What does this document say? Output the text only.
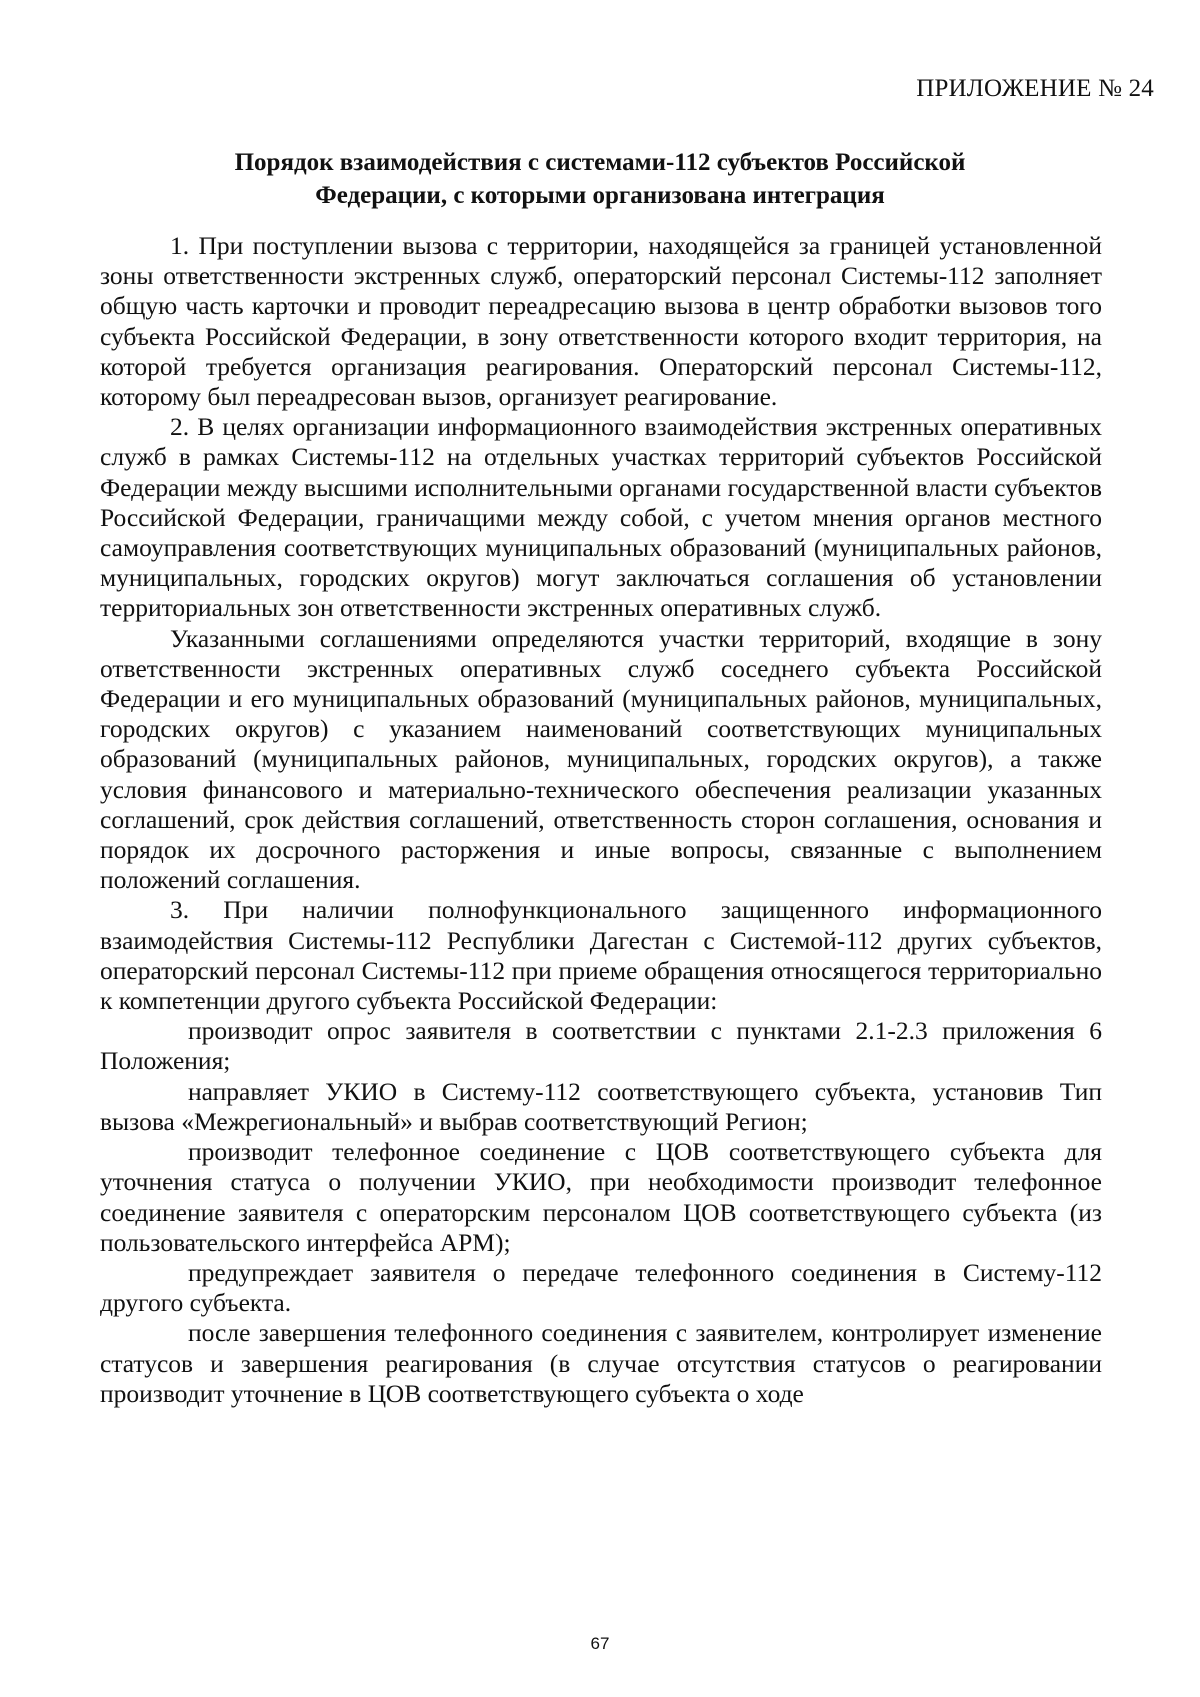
ПРИЛОЖЕНИЕ № 24
Порядок взаимодействия с системами-112 субъектов Российской
Федерации, с которыми организована интеграция

1. При поступлении вызова с территории, находящейся за границей установленной зоны ответственности экстренных служб, операторский персонал Системы-112 заполняет общую часть карточки и проводит переадресацию вызова в центр обработки вызовов того субъекта Российской Федерации, в зону ответственности которого входит территория, на которой требуется организация реагирования. Операторский персонал Системы-112, которому был переадресован вызов, организует реагирование.

2. В целях организации информационного взаимодействия экстренных оперативных служб в рамках Системы-112 на отдельных участках территорий субъектов Российской Федерации между высшими исполнительными органами государственной власти субъектов Российской Федерации, граничащими между собой, с учетом мнения органов местного самоуправления соответствующих муниципальных образований (муниципальных районов, муниципальных, городских округов) могут заключаться соглашения об установлении территориальных зон ответственности экстренных оперативных служб.

Указанными соглашениями определяются участки территорий, входящие в зону ответственности экстренных оперативных служб соседнего субъекта Российской Федерации и его муниципальных образований (муниципальных районов, муниципальных, городских округов) с указанием наименований соответствующих муниципальных образований (муниципальных районов, муниципальных, городских округов), а также условия финансового и материально-технического обеспечения реализации указанных соглашений, срок действия соглашений, ответственность сторон соглашения, основания и порядок их досрочного расторжения и иные вопросы, связанные с выполнением положений соглашения.

3. При наличии полнофункционального защищенного информационного взаимодействия Системы-112 Республики Дагестан с Системой-112 других субъектов, операторский персонал Системы-112 при приеме обращения относящегося территориально к компетенции другого субъекта Российской Федерации:

производит опрос заявителя в соответствии с пунктами 2.1-2.3 приложения 6 Положения;

направляет УКИО в Систему-112 соответствующего субъекта, установив Тип вызова «Межрегиональный» и выбрав соответствующий Регион;

производит телефонное соединение с ЦОВ соответствующего субъекта для уточнения статуса о получении УКИО, при необходимости производит телефонное соединение заявителя с операторским персоналом ЦОВ соответствующего субъекта (из пользовательского интерфейса АРМ);

предупреждает заявителя о передаче телефонного соединения в Систему-112 другого субъекта.

после завершения телефонного соединения с заявителем, контролирует изменение статусов и завершения реагирования (в случае отсутствия статусов о реагировании производит уточнение в ЦОВ соответствующего субъекта о ходе

67
